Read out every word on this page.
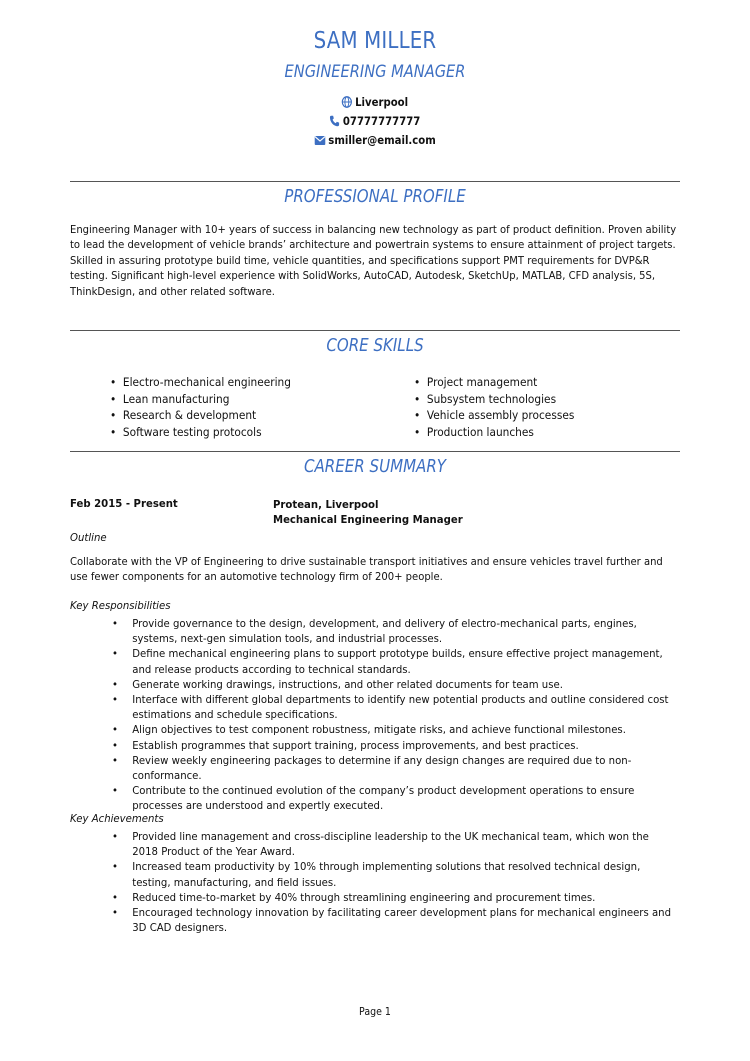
SAM MILLER
ENGINEERING MANAGER
Liverpool
07777777777
smiller@email.com
PROFESSIONAL PROFILE

Engineering Manager with 10+ years of success in balancing new technology as part of product definition. Proven ability to lead the development of vehicle brands’ architecture and powertrain systems to ensure attainment of project targets. Skilled in assuring prototype build time, vehicle quantities, and specifications support PMT requirements for DVP&R testing. Significant high-level experience with SolidWorks, AutoCAD, Autodesk, SketchUp, MATLAB, CFD analysis, 5S, ThinkDesign, and other related software.

CORE SKILLS
• Electro-mechanical engineering
• Lean manufacturing
• Research & development
• Software testing protocols
• Project management
• Subsystem technologies
• Vehicle assembly processes
• Production launches
CAREER SUMMARY
Feb 2015 - Present	Protean, Liverpool
Mechanical Engineering Manager
Outline

Collaborate with the VP of Engineering to drive sustainable transport initiatives and ensure vehicles travel further and use fewer components for an automotive technology firm of 200+ people.

Key Responsibilities
• Provide governance to the design, development, and delivery of electro-mechanical parts, engines, systems, next-gen simulation tools, and industrial processes.
• Define mechanical engineering plans to support prototype builds, ensure effective project management, and release products according to technical standards.
• Generate working drawings, instructions, and other related documents for team use.
• Interface with different global departments to identify new potential products and outline considered cost estimations and schedule specifications.
• Align objectives to test component robustness, mitigate risks, and achieve functional milestones.
• Establish programmes that support training, process improvements, and best practices.
• Review weekly engineering packages to determine if any design changes are required due to non-conformance.
• Contribute to the continued evolution of the company’s product development operations to ensure processes are understood and expertly executed.
Key Achievements
• Provided line management and cross-discipline leadership to the UK mechanical team, which won the 2018 Product of the Year Award.
• Increased team productivity by 10% through implementing solutions that resolved technical design, testing, manufacturing, and field issues.
• Reduced time-to-market by 40% through streamlining engineering and procurement times.
• Encouraged technology innovation by facilitating career development plans for mechanical engineers and 3D CAD designers.
Page 1
